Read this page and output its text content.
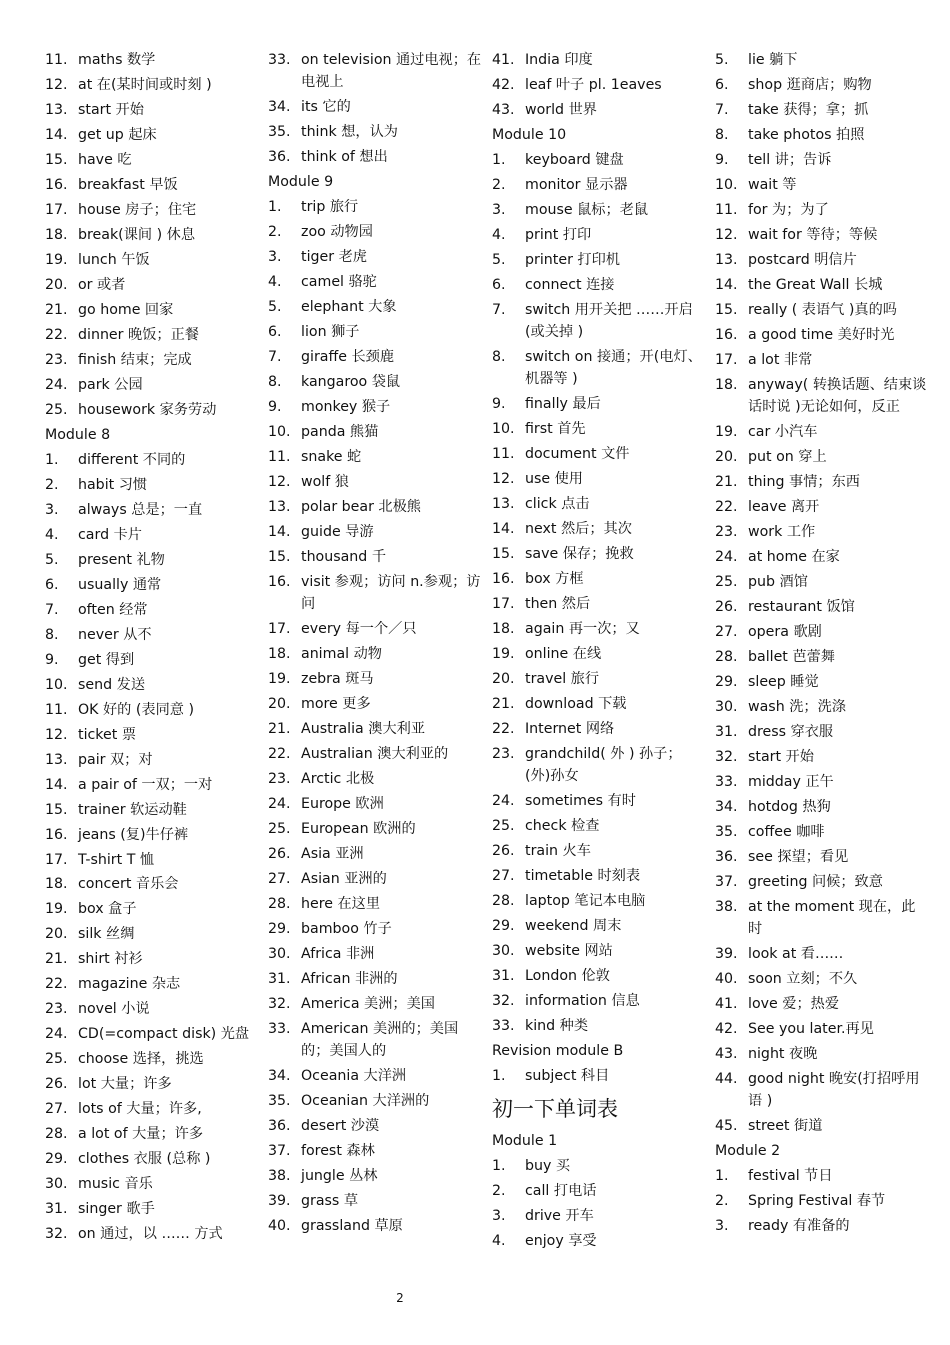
11. maths 数学
12. at 在(某时间或时刻 )
13. start 开始
14. get up 起床
15. have 吃
16. breakfast 早饭
17. house 房子；住宅
18. break(课间 ) 休息
19. lunch 午饭
20. or 或者
21. go home 回家
22. dinner 晚饭；正餐
23. finish 结束；完成
24. park 公园
25. housework 家务劳动
Module 8
1.	different 不同的
2.	habit 习惯
3.	always 总是；一直
4.	card 卡片
5.	present 礼物
6.	usually 通常
7.	often 经常
8.	never 从不
9.	get 得到
10. send 发送
11. OK 好的 (表同意 )
12. ticket 票
13. pair 双；对
14. a pair of 一双；一对
15. trainer 软运动鞋
16. jeans (复)牛仔裤
17. T-shirt T 恤
18. concert 音乐会
19. box 盒子
20. silk 丝绸
21. shirt 衬衫
22. magazine 杂志
23. novel 小说
24. CD(=compact disk) 光盘
25. choose 选择，挑选
26. lot 大量；许多
27. lots of 大量；许多,
28. a lot of 大量；许多
29. clothes 衣服 (总称 )
30. music 音乐
31. singer 歌手
32. on 通过，以 …… 方式
33. on television 通过电视；在电视上
34. its 它的
35. think 想，认为
36. think of 想出
Module 9
1.	trip 旅行
2.	zoo 动物园
3.	tiger 老虎
4.	camel 骆驼
5.	elephant 大象
6.	lion 狮子
7.	giraffe 长颈鹿
8.	kangaroo 袋鼠
9.	monkey 猴子
10. panda 熊猫
11. snake 蛇
12. wolf 狼
13. polar bear 北极熊
14. guide 导游
15. thousand 千
16. visit 参观；访问 n.参观；访问
17. every 每一个／只
18. animal 动物
19. zebra 斑马
20. more 更多
21. Australia 澳大利亚
22. Australian 澳大利亚的
23. Arctic 北极
24. Europe 欧洲
25. European 欧洲的
26. Asia 亚洲
27. Asian 亚洲的
28. here 在这里
29. bamboo 竹子
30. Africa 非洲
31. African 非洲的
32. America 美洲；美国
33. American 美洲的；美国的；美国人的
34. Oceania 大洋洲
35. Oceanian 大洋洲的
36. desert 沙漠
37. forest 森林
38. jungle 丛林
39. grass 草
40. grassland 草原
41. India 印度
42. leaf 叶子 pl. 1eaves
43. world 世界
Module 10
1.	keyboard 键盘
2.	monitor 显示器
3.	mouse 鼠标；老鼠
4.	print 打印
5.	printer 打印机
6.	connect 连接
7.	switch 用开关把 ……开启 (或关掉 )
8.	switch on 接通；开(电灯、机器等 )
9.	finally 最后
10. first 首先
11. document 文件
12. use 使用
13. click 点击
14. next 然后；其次
15. save 保存；挽救
16. box 方框
17. then 然后
18. again 再一次；又
19. online 在线
20. travel 旅行
21. download 下载
22. Internet 网络
23. grandchild( 外 ) 孙子；(外)孙女
24. sometimes 有时
25. check 检查
26. train 火车
27. timetable 时刻表
28. laptop 笔记本电脑
29. weekend 周末
30. website 网站
31. London 伦敦
32. information 信息
33. kind 种类
Revision module B
1.	subject 科目
初一下单词表
Module 1
1.	buy 买
2.	call 打电话
3.	drive 开车
4.	enjoy 享受
5.	lie 躺下
6.	shop 逛商店；购物
7.	take 获得；拿；抓
8.	take photos 拍照
9.	tell 讲；告诉
10. wait 等
11. for 为；为了
12. wait for 等待；等候
13. postcard 明信片
14. the Great Wall 长城
15. really ( 表语气 )真的吗
16. a good time 美好时光
17. a lot 非常
18. anyway( 转换话题、结束谈话时说 )无论如何，反正
19. car 小汽车
20. put on 穿上
21. thing 事情；东西
22. leave 离开
23. work 工作
24. at home 在家
25. pub 酒馆
26. restaurant 饭馆
27. opera 歌剧
28. ballet 芭蕾舞
29. sleep 睡觉
30. wash 洗；洗涤
31. dress 穿衣服
32. start 开始
33. midday 正午
34. hotdog 热狗
35. coffee 咖啡
36. see 探望；看见
37. greeting 问候；致意
38. at the moment 现在，此时
39. look at 看……
40. soon 立刻；不久
41. love 爱；热爱
42. See you later.再见
43. night 夜晚
44. good night 晚安(打招呼用语 )
45. street 街道
Module 2
1.	festival 节日
2.	Spring Festival 春节
3.	ready 有准备的
2
